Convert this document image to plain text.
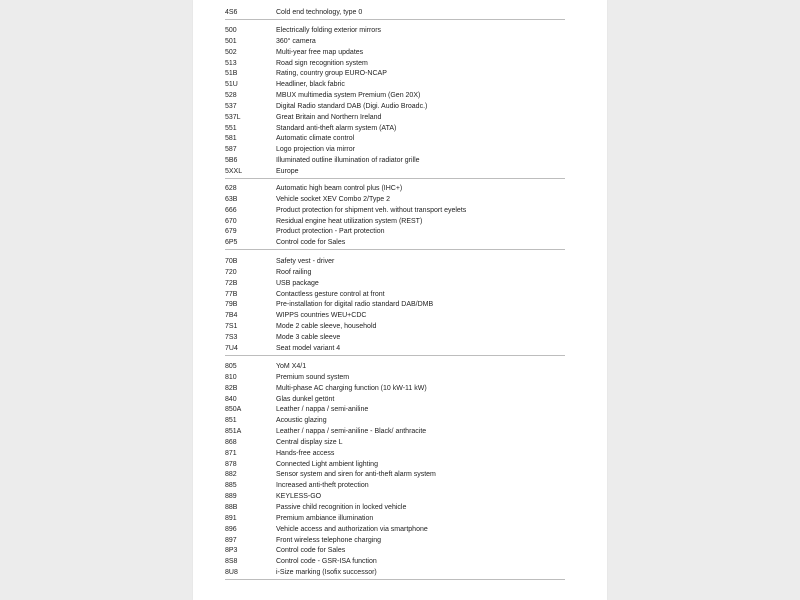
4S6	Cold end technology, type 0
500	Electrically folding exterior mirrors
501	360° camera
502	Multi-year free map updates
513	Road sign recognition system
51B	Rating, country group EURO-NCAP
51U	Headliner, black fabric
528	MBUX multimedia system Premium (Gen 20X)
537	Digital Radio standard DAB (Digi. Audio Broadc.)
537L	Great Britain and Northern Ireland
551	Standard anti-theft alarm system (ATA)
581	Automatic climate control
587	Logo projection via mirror
5B6	Illuminated outline illumination of radiator grille
5XXL	Europe
628	Automatic high beam control plus (IHC+)
63B	Vehicle socket XEV Combo 2/Type 2
666	Product protection for shipment veh. without transport eyelets
670	Residual engine heat utilization system (REST)
679	Product protection - Part protection
6P5	Control code for Sales
70B	Safety vest - driver
720	Roof railing
72B	USB package
77B	Contactless gesture control at front
79B	Pre-installation for digital radio standard DAB/DMB
7B4	WIPPS countries WEU+CDC
7S1	Mode 2 cable sleeve, household
7S3	Mode 3 cable sleeve
7U4	Seat model variant 4
805	YoM X4/1
810	Premium sound system
82B	Multi-phase AC charging function (10 kW-11 kW)
840	Glas dunkel getönt
850A	Leather / nappa / semi-aniline
851	Acoustic glazing
851A	Leather / nappa / semi-aniline - Black/ anthracite
868	Central display size L
871	Hands-free access
878	Connected Light ambient lighting
882	Sensor system and siren for anti-theft alarm system
885	Increased anti-theft protection
889	KEYLESS-GO
88B	Passive child recognition in locked vehicle
891	Premium ambiance illumination
896	Vehicle access and authorization via smartphone
897	Front wireless telephone charging
8P3	Control code for Sales
8S8	Control code - GSR-ISA function
8U8	i-Size marking (Isofix successor)
